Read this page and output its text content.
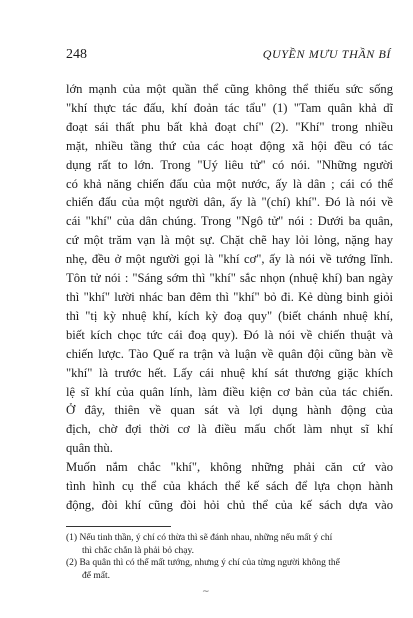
248	QUYỀN MƯU THẦN BÍ
lớn mạnh của một quần thể cũng không thể thiếu sức sống
"khí thực tác đấu, khí đoản tác tẩu" (1) "Tam quân khả dĩ
đoạt sái thất phu bất khả đoạt chí" (2). "Khí" trong nhiều
mặt, nhiều tầng thứ của các hoạt động xã hội đều có tác
dụng rất to lớn. Trong "Uý liêu tử" có nói. "Những người
có khả năng chiến đấu của một nước, ấy là dân ; cái có thể
chiến đấu của một người dân, ấy là "(chí) khí". Đó là nói về
cái "khí" của dân chúng. Trong "Ngô tử" nói : Dưới ba quân,
cứ một trăm vạn là một sự. Chặt chẽ hay lỏi lỏng, nặng hay
nhẹ, đều ở một người gọi là "khí cơ", ấy là nói về tướng lĩnh.
Tôn tử nói : "Sáng sớm thì "khí" sắc nhọn (nhuệ khí) ban ngày
thì "khí" lười nhác ban đêm thì "khí" bỏ đi. Kẻ dùng binh giỏi
thì "tị kỳ nhuệ khí, kích kỳ đoạ quy" (biết chánh nhuệ khí,
biết kích chọc tức cái đoạ quy). Đó là nói về chiến thuật và
chiến lược. Tào Quế ra trận và luận về quân đội cũng bàn về
"khí" là trước hết. Lấy cái nhuệ khí sát thương giặc khích
lệ sĩ khí của quân lính, làm điều kiện cơ bản của tác chiến.
Ở đây, thiên về quan sát và lợi dụng hành động của
địch, chờ đợi thời cơ là điều mấu chốt làm nhụt sĩ khí
quân thù.
Muốn nắm chắc "khí", không những phải căn cứ vào
tình hình cụ thể của khách thể kế sách để lựa chọn hành
động, đòi khí cũng đòi hỏi chủ thể của kế sách dựa vào
(1) Nếu tinh thần, ý chí có thừa thì sẽ đánh nhau, những nếu mất ý chí
thì chắc chắn là phải bỏ chạy.
(2) Ba quân thì có thể mất tướng, nhưng ý chí của từng người không thể
để mất.
~
